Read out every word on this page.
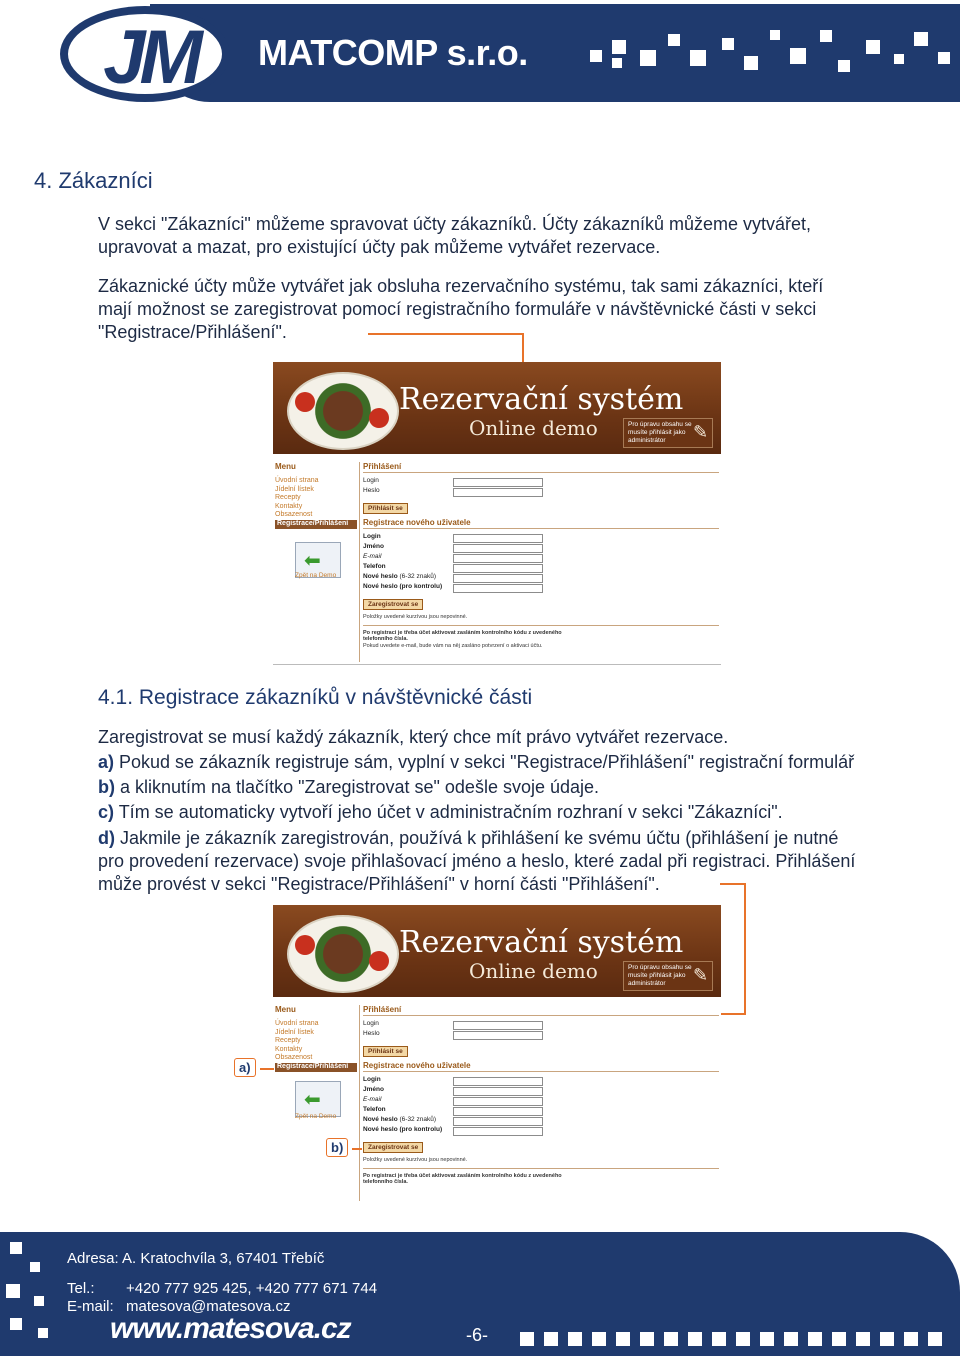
JM	MATCOMP s.r.o.
4. Zákazníci

V sekci "Zákazníci" můžeme spravovat účty zákazníků. Účty zákazníků můžeme vytvářet,

upravovat a mazat, pro existující účty pak můžeme vytvářet rezervace.

Zákaznické účty může vytvářet jak obsluha rezervačního systému, tak sami zákazníci, kteří

mají možnost se zaregistrovat pomocí registračního formuláře v návštěvnické části v sekci

"Registrace/Přihlášení".

Rezervační systém
Online demo	Pro úpravu obsahu se musíte přihlásit jako administrátor	✎
Menu
Úvodní strana
Jídelní lístek
Recepty
Kontakty
Obsazenost
Registrace/Přihlášení
⬅
Zpět na Demo
Přihlášení
Login
Heslo
Přihlásit se
Registrace nového uživatele
Login
Jméno
E-mail
Telefon
Nové heslo (6-32 znaků)
Nové heslo (pro kontrolu)
Zaregistrovat se
Položky uvedené kurzívou jsou nepovinné.
Po registraci je třeba účet aktivovat zasláním kontrolního kódu z uvedeného telefonního čísla.
Pokud uvedete e-mail, bude vám na něj zasláno potvrzení o aktivaci účtu.
4.1. Registrace zákazníků v návštěvnické části

Zaregistrovat se musí každý zákazník, který chce mít právo vytvářet rezervace.

a) Pokud se zákazník registruje sám, vyplní v sekci "Registrace/Přihlášení" registrační formulář

b) a kliknutím na tlačítko "Zaregistrovat se" odešle svoje údaje.

c) Tím se automaticky vytvoří jeho účet v administračním rozhraní v sekci "Zákazníci".

d) Jakmile je zákazník zaregistrován, používá k přihlášení ke svému účtu (přihlášení je nutné

pro provedení rezervace) svoje přihlašovací jméno a heslo, které zadal při registraci. Přihlášení

může provést v sekci "Registrace/Přihlášení" v horní části "Přihlášení".

Rezervační systém
Online demo	Pro úpravu obsahu se musíte přihlásit jako administrátor	✎
Menu
Úvodní strana
Jídelní lístek
Recepty
Kontakty
Obsazenost
Registrace/Přihlášení
⬅
Zpět na Demo
Přihlášení
Login
Heslo
Přihlásit se
Registrace nového uživatele
Login
Jméno
E-mail
Telefon
Nové heslo (6-32 znaků)
Nové heslo (pro kontrolu)
Zaregistrovat se
Položky uvedené kurzívou jsou nepovinné.
Po registraci je třeba účet aktivovat zasláním kontrolního kódu z uvedeného telefonního čísla.
a)
b)
Adresa: A. Kratochvíla 3, 67401 Třebíč
Tel.: +420 777 925 425, +420 777 671 744
E-mail: matesova@matesova.cz
www.matesova.cz	-6-
